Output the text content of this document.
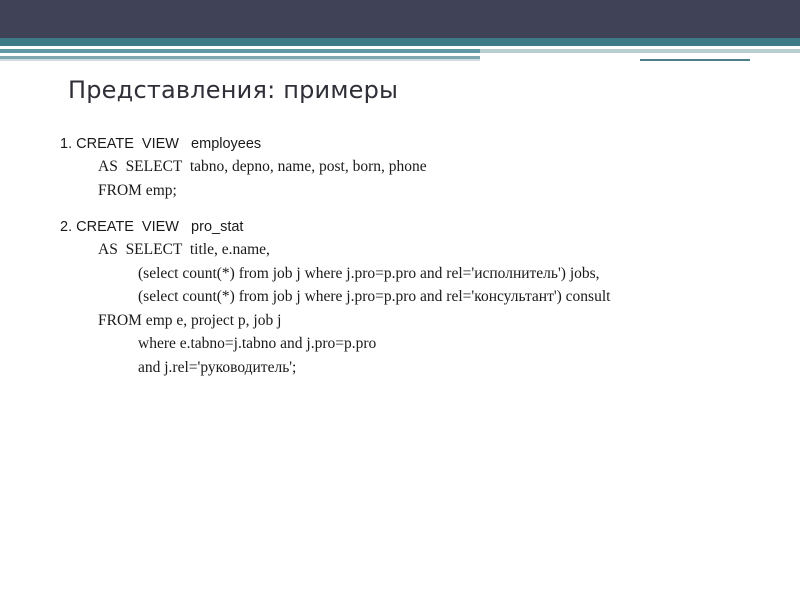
Представления: примеры
1. CREATE  VIEW   employees
AS  SELECT  tabno, depno, name, post, born, phone
FROM emp;
2. CREATE  VIEW   pro_stat
AS  SELECT  title, e.name,
(select count(*) from job j where j.pro=p.pro and rel='исполнитель') jobs,
(select count(*) from job j where j.pro=p.pro and rel='консультант') consult
FROM emp e, project p, job j
where e.tabno=j.tabno and j.pro=p.pro
and j.rel='руководитель';
